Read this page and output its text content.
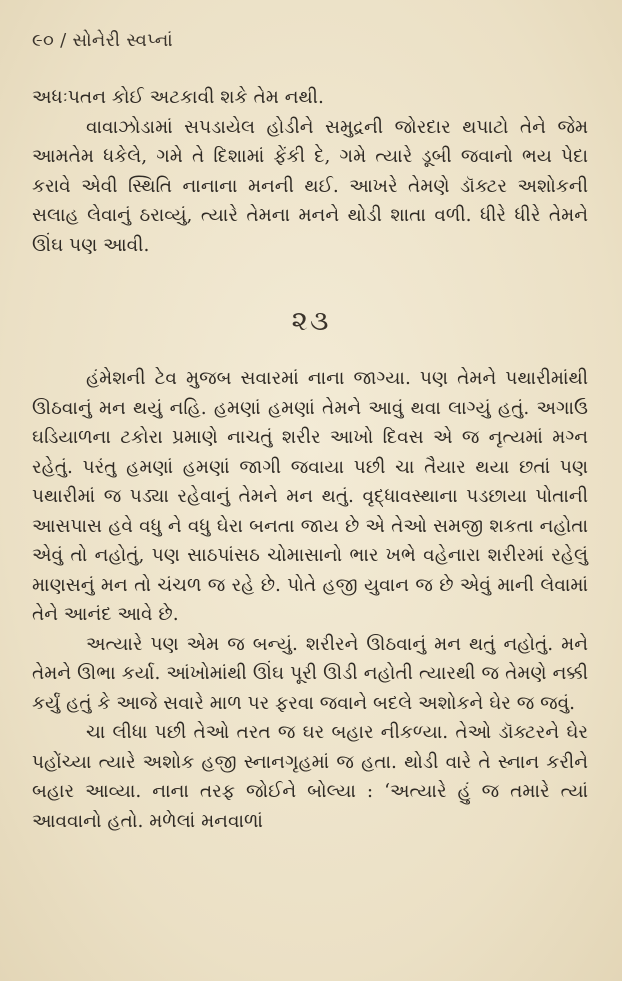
૯૦ / સોનેરી સ્વપ્નાં

અધઃપતન કોઈ અટકાવી શકે તેમ નથી.

વાવાઝોડામાં સપડાયેલ હોડીને સમુદ્રની જોરદાર થપાટો તેને જેમ આમતેમ ધકેલે, ગમે તે દિશામાં ફેંકી દે, ગમે ત્યારે ડૂબી જવાનો ભય પેદા કરાવે એવી સ્થિતિ નાનાના મનની થઈ. આખરે તેમણે ડૉક્ટર અશોકની સલાહ લેવાનું ઠરાવ્યું, ત્યારે તેમના મનને થોડી શાતા વળી. ધીરે ધીરે તેમને ઊંઘ પણ આવી.

૨૩

હંમેશની ટેવ મુજબ સવારમાં નાના જાગ્યા. પણ તેમને પથારીમાંથી ઊઠવાનું મન થયું નહિ. હમણાં હમણાં તેમને આવું થવા લાગ્યું હતું. અગાઉ ઘડિયાળના ટકોરા પ્રમાણે નાચતું શરીર આખો દિવસ એ જ નૃત્યમાં મગ્ન રહેતું. પરંતુ હમણાં હમણાં જાગી જવાયા પછી ચા તૈયાર થયા છતાં પણ પથારીમાં જ પડ્યા રહેવાનું તેમને મન થતું. વૃદ્ધાવસ્થાના પડછાયા પોતાની આસપાસ હવે વધુ ને વધુ ઘેરા બનતા જાય છે એ તેઓ સમજી શકતા નહોતા એવું તો નહોતું, પણ સાઠપાંસઠ ચોમાસાનો ભાર ખભે વહેનારા શરીરમાં રહેલું માણસનું મન તો ચંચળ જ રહે છે. પોતે હજી યુવાન જ છે એવું માની લેવામાં તેને આનંદ આવે છે.

અત્યારે પણ એમ જ બન્યું. શરીરને ઊઠવાનું મન થતું નહોતું. મને તેમને ઊભા કર્યા. આંખોમાંથી ઊંઘ પૂરી ઊડી નહોતી ત્યારથી જ તેમણે નક્કી કર્યું હતું કે આજે સવારે માળ પર ફરવા જવાને બદલે અશોકને ઘેર જ જવું.

ચા લીધા પછી તેઓ તરત જ ઘર બહાર નીકળ્યા. તેઓ ડૉક્ટરને ઘેર પહોંચ્યા ત્યારે અશોક હજી સ્નાનગૃહમાં જ હતા. થોડી વારે તે સ્નાન કરીને બહાર આવ્યા. નાના તરફ જોઈને બોલ્યા : ‘અત્યારે હું જ તમારે ત્યાં આવવાનો હતો. મળેલાં મનવાળાં
